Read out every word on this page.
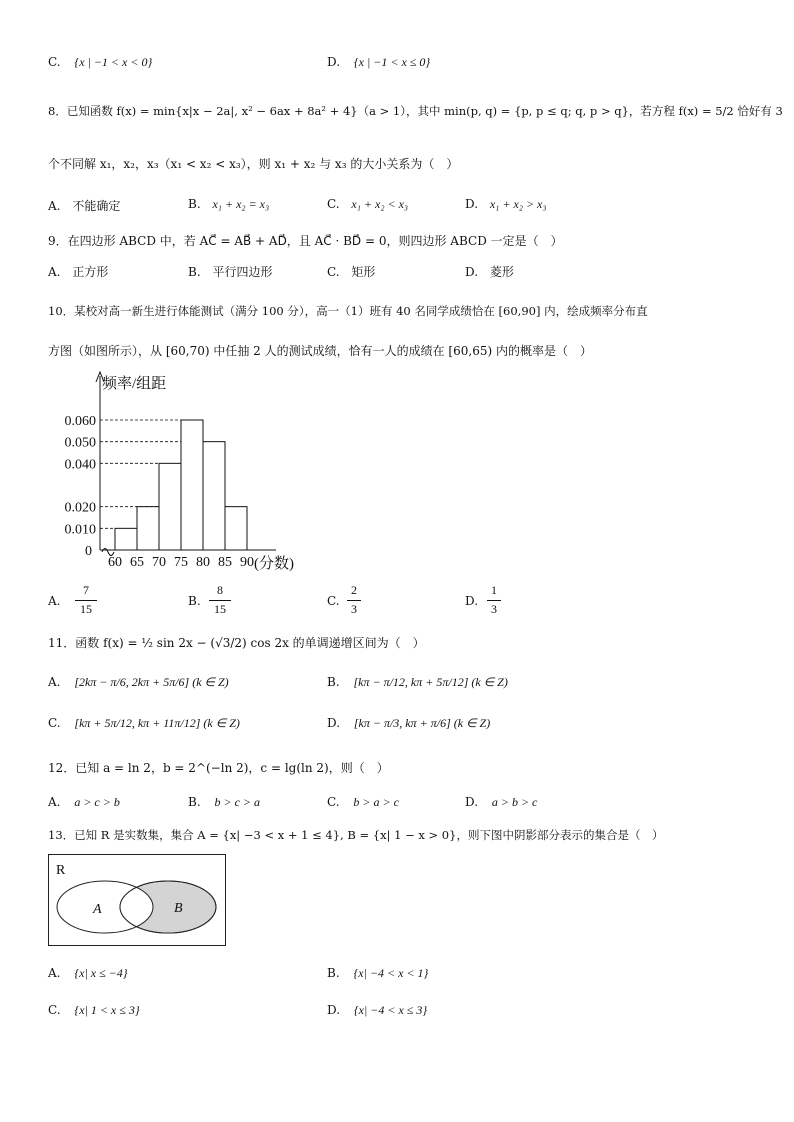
C. {x | −1 < x < 0}	D. {x | −1 < x ≤ 0}
8．已知函数 f(x) = min{x|x − 2a|, x² − 6ax + 8a² + 4}（a > 1），其中 min(p, q) = {p, p ≤ q; q, p > q}，若方程 f(x) = 5/2 恰好有 3
个不同解 x₁，x₂，x₃（x₁ < x₂ < x₃），则 x₁ + x₂ 与 x₃ 的大小关系为（　）
A. 不能确定	B. x₁ + x₂ = x₃	C. x₁ + x₂ < x₃	D. x₁ + x₂ > x₃
9．在四边形 ABCD 中，若 AC⃗ = AB⃗ + AD⃗，且 AC⃗ · BD⃗ = 0，则四边形 ABCD 一定是（　）
A. 正方形	B. 平行四边形	C. 矩形	D. 菱形
10．某校对高一新生进行体能测试（满分 100 分），高一（1）班有 40 名同学成绩恰在 [60,90] 内，绘成频率分布直
方图（如图所示），从 [60,70) 中任抽 2 人的测试成绩，恰有一人的成绩在 [60,65) 内的概率是（　）
频率/组距
0.060
0.050
0.040
0.020
0.010
0
60 65 70 75 80 85 90 (分数)
A.
7
15
B.
8
15
C.
2
3
D.
1
3
11．函数 f(x) = ½ sin 2x − (√3/2) cos 2x 的单调递增区间为（　）
A. [2kπ − π/6, 2kπ + 5π/6] (k ∈ Z)	B. [kπ − π/12, kπ + 5π/12] (k ∈ Z)
C. [kπ + 5π/12, kπ + 11π/12] (k ∈ Z)	D. [kπ − π/3, kπ + π/6] (k ∈ Z)
12．已知 a = ln 2，b = 2^(−ln 2)，c = lg(ln 2)，则（　）
A. a > c > b	B. b > c > a	C. b > a > c	D. a > b > c
13．已知 R 是实数集，集合 A = {x| −3 < x + 1 ≤ 4}, B = {x| 1 − x > 0}，则下图中阴影部分表示的集合是（　）
R
A	B
A. {x| x ≤ −4}	B. {x| −4 < x < 1}
C. {x| 1 < x ≤ 3}	D. {x| −4 < x ≤ 3}
